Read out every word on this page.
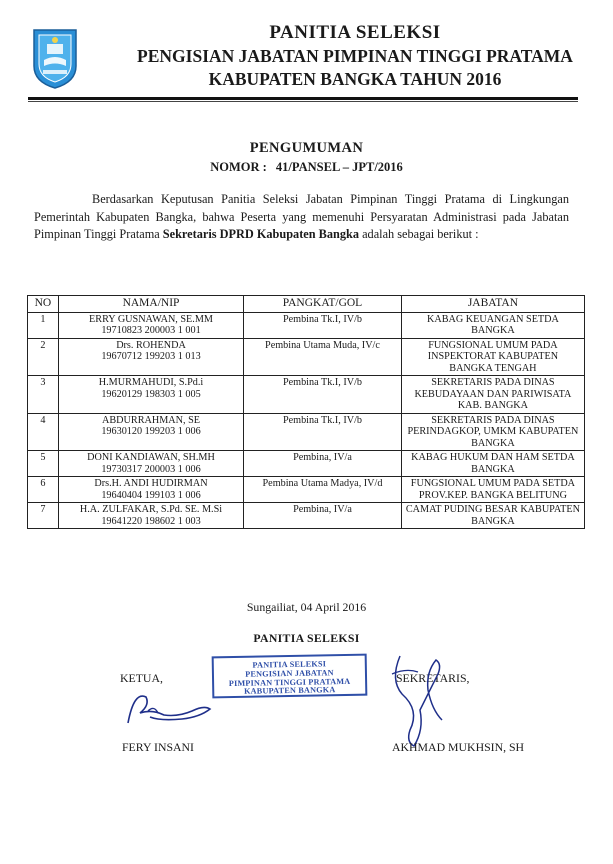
PANITIA SELEKSI
PENGISIAN JABATAN PIMPINAN TINGGI PRATAMA
KABUPATEN BANGKA TAHUN 2016
PENGUMUMAN
NOMOR : 41/PANSEL – JPT/2016
Berdasarkan Keputusan Panitia Seleksi Jabatan Pimpinan Tinggi Pratama di Lingkungan Pemerintah Kabupaten Bangka, bahwa Peserta yang memenuhi Persyaratan Administrasi pada Jabatan Pimpinan Tinggi Pratama Sekretaris DPRD Kabupaten Bangka adalah sebagai berikut :
NO	NAMA/NIP	PANGKAT/GOL	JABATAN

1	ERRY GUSNAWAN, SE.MM
19710823 200003 1 001	Pembina Tk.I, IV/b	KABAG KEUANGAN SETDA BANGKA

2	Drs. ROHENDA
19670712 199203 1 013	Pembina Utama Muda, IV/c	FUNGSIONAL UMUM PADA INSPEKTORAT KABUPATEN BANGKA TENGAH

3	H.MURMAHUDI, S.Pd.i
19620129 198303 1 005	Pembina Tk.I, IV/b	SEKRETARIS PADA DINAS KEBUDAYAAN DAN PARIWISATA KAB. BANGKA

4	ABDURRAHMAN, SE
19630120 199203 1 006	Pembina Tk.I, IV/b	SEKRETARIS PADA DINAS PERINDAGKOP, UMKM KABUPATEN BANGKA

5	DONI KANDIAWAN, SH.MH
19730317 200003 1 006	Pembina, IV/a	KABAG HUKUM DAN HAM SETDA BANGKA

6	Drs.H. ANDI HUDIRMAN
19640404 199103 1 006	Pembina Utama Madya, IV/d	FUNGSIONAL UMUM PADA SETDA PROV.KEP. BANGKA BELITUNG

7	H.A. ZULFAKAR, S.Pd. SE. M.Si
19641220 198602 1 003	Pembina, IV/a	CAMAT PUDING BESAR KABUPATEN BANGKA
Sungailiat, 04 April 2016
PANITIA SELEKSI
PANITIA SELEKSI
PENGISIAN JABATAN
PIMPINAN TINGGI PRATAMA
KABUPATEN BANGKA
KETUA,
FERY INSANI
SEKRETARIS,
AKHMAD MUKHSIN, SH
